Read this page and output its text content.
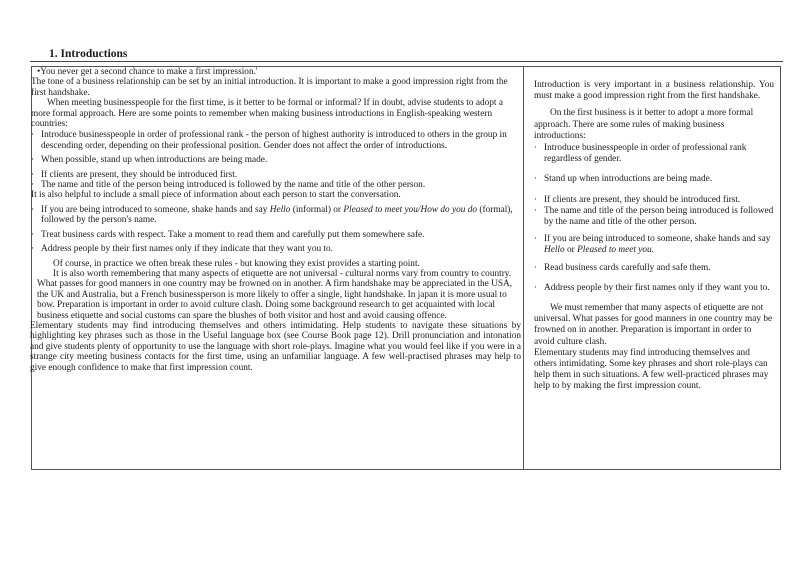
1. Introductions

•You never get a second chance to make a first impression.'

The tone of a business relationship can be set by an initial introduction. It is important to make a good impression right from the first handshake.

When meeting businesspeople for the first time, is it better to be formal or informal? If in doubt, advise students to adopt a more formal approach. Here are some points to remember when making business introductions in English-speaking western countries:

· Introduce businesspeople in order of professional rank - the person of highest authority is introduced to others in the group in descending order, depending on their professional position. Gender does not affect the order of introductions.
· When possible, stand up when introductions are being made.
· If clients are present, they should be introduced first.
· The name and title of the person being introduced is followed by the name and title of the other person.

It is also helpful to include a small piece of information about each person to start the conversation.

· If you are being introduced to someone, shake hands and say Hello (informal) or Pleased to meet you/How do you do (formal), followed by the person's name.
· Treat business cards with respect. Take a moment to read them and carefully put them somewhere safe.
· Address people by their first names only if they indicate that they want you to.

Of course, in practice we often break these rules - but knowing they exist provides a starting point.

It is also worth remembering that many aspects of etiquette are not universal - cultural norms vary from country to country. What passes for good manners in one country may be frowned on in another. A firm handshake may be appreciated in the USA, the UK and Australia, but a French businessperson is more likely to offer a single, light handshake. In japan it is more usual to bow. Preparation is important in order to avoid culture clash. Doing some background research to get acquainted with local business etiquette and social customs can spare the blushes of both visitor and host and avoid causing offence.

Elementary students may find introducing themselves and others intimidating. Help students to navigate these situations by highlighting key phrases such as those in the Useful language box (see Course Book page 12). Drill pronunciation and intonation and give students plenty of opportunity to use the language with short role-plays. Imagine what you would feel like if you were in a strange city meeting business contacts for the first time, using an unfamiliar language. A few well-practised phrases may help to give enough confidence to make that first impression count.

Introduction is very important in a business relationship. You must make a good impression right from the first handshake.

On the first business is it better to adopt a more formal approach. There are some rules of making business introductions:

· Introduce businesspeople in order of professional rank regardless of gender.
· Stand up when introductions are being made.
· If clients are present, they should be introduced first.
· The name and title of the person being introduced is followed by the name and title of the other person.
· If you are being introduced to someone, shake hands and say Hello or Pleased to meet you.
· Read business cards carefully and safe them.
· Address people by their first names only if they want you to.

We must remember that many aspects of etiquette are not universal. What passes for good manners in one country may be frowned on in another. Preparation is important in order to avoid culture clash.

Elementary students may find introducing themselves and others intimidating. Some key phrases and short role-plays can help them in such situations. A few well-practiced phrases may help to by making the first impression count.
